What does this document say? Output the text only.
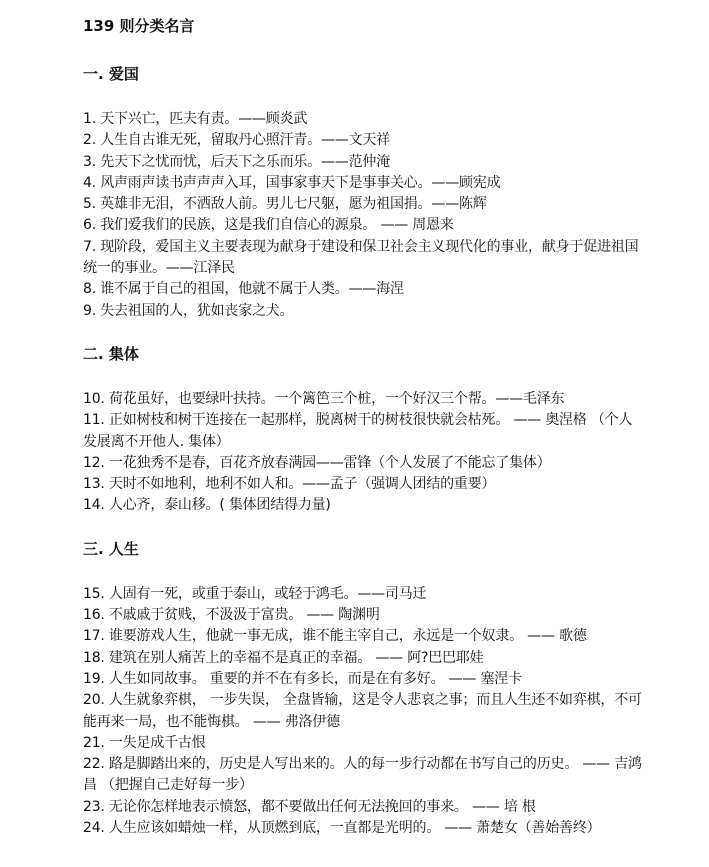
139 则分类名言
一. 爱国
1. 天下兴亡，匹夫有责。——顾炎武
2. 人生自古谁无死，留取丹心照汗青。——文天祥
3. 先天下之忧而忧，后天下之乐而乐。——范仲淹
4. 风声雨声读书声声声入耳，国事家事天下是事事关心。——顾宪成
5. 英雄非无泪，不洒敌人前。男儿七尺躯，愿为祖国捐。——陈辉
6. 我们爱我们的民族，这是我们自信心的源泉。 —— 周恩来
7. 现阶段，爱国主义主要表现为献身于建设和保卫社会主义现代化的事业，献身于促进祖国统一的事业。——江泽民
8. 谁不属于自己的祖国，他就不属于人类。——海涅
9. 失去祖国的人，犹如丧家之犬。
二. 集体
10. 荷花虽好，也要绿叶扶持。一个篱笆三个桩，一个好汉三个帮。——毛泽东
11. 正如树枝和树干连接在一起那样，脱离树干的树枝很快就会枯死。 —— 奥涅格 （个人发展离不开他人. 集体）
12. 一花独秀不是春，百花齐放春满园——雷锋（个人发展了不能忘了集体）
13. 天时不如地利，地利不如人和。——孟子（强调人团结的重要）
14. 人心齐，泰山移。( 集体团结得力量)
三. 人生
15. 人固有一死，或重于泰山，或轻于鸿毛。——司马迁
16. 不戚戚于贫贱，不汲汲于富贵。 —— 陶渊明
17. 谁要游戏人生，他就一事无成，谁不能主宰自己，永远是一个奴隶。 —— 歌德
18. 建筑在别人痛苦上的幸福不是真正的幸福。 —— 阿?巴巴耶娃
19. 人生如同故事。 重要的并不在有多长，而是在有多好。 —— 塞涅卡
20. 人生就象弈棋， 一步失误， 全盘皆输，这是令人悲哀之事；而且人生还不如弈棋，不可能再来一局，也不能悔棋。 —— 弗洛伊德
21. 一失足成千古恨
22. 路是脚踏出来的，历史是人写出来的。人的每一步行动都在书写自己的历史。 —— 吉鸿昌 （把握自己走好每一步）
23. 无论你怎样地表示愤怒，都不要做出任何无法挽回的事来。 —— 培 根
24. 人生应该如蜡烛一样，从顶燃到底，一直都是光明的。 —— 萧楚女（善始善终）
